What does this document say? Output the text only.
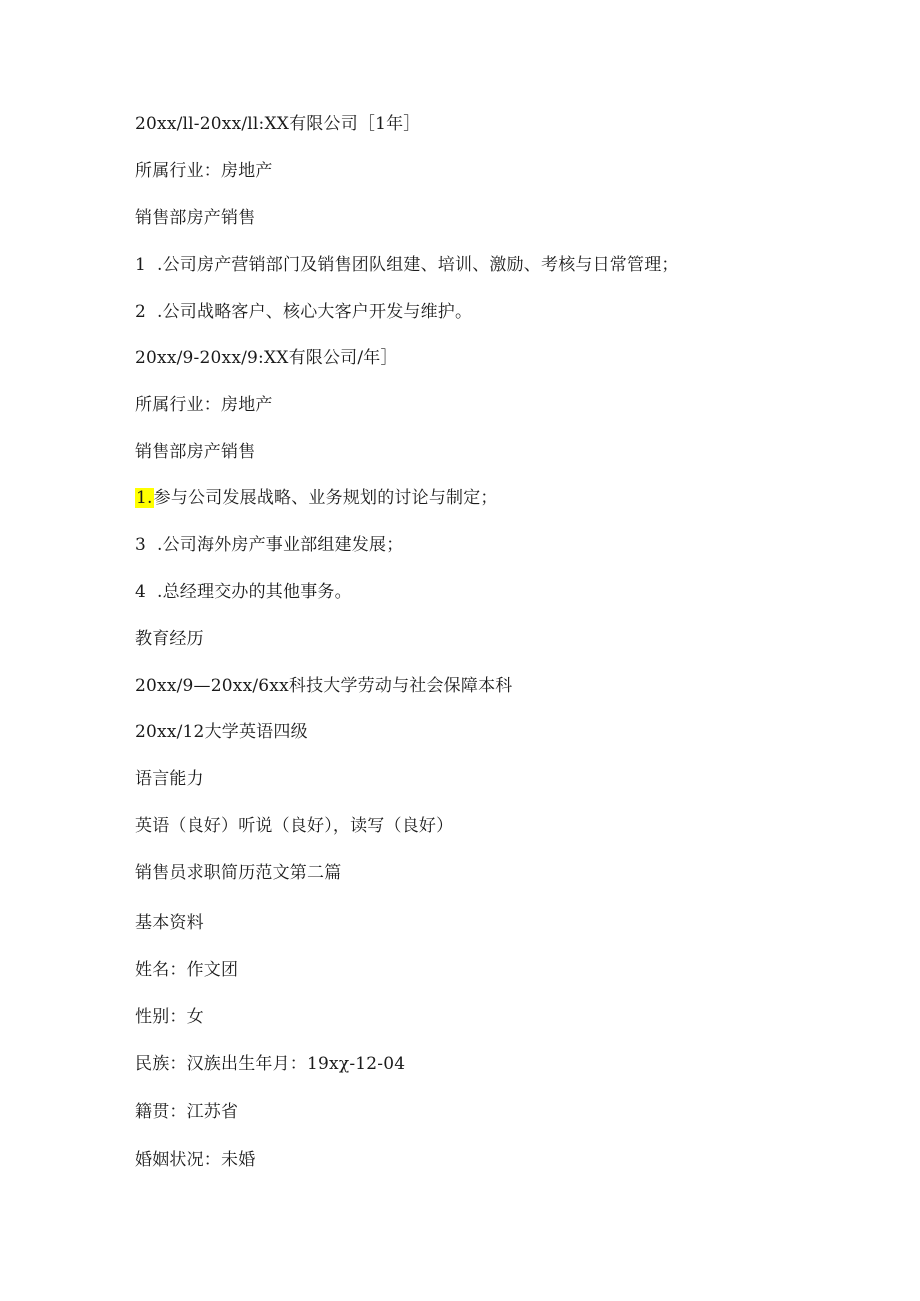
20xx∕ll-20xx∕ll:XX有限公司［1年］
所属行业：房地产
销售部房产销售
1 .公司房产营销部门及销售团队组建、培训、激励、考核与日常管理；
2 .公司战略客户、核心大客户开发与维护。
20xx∕9-20xx∕9:XX有限公司/年］
所属行业：房地产
销售部房产销售
1.参与公司发展战略、业务规划的讨论与制定；
3 .公司海外房产事业部组建发展；
4 .总经理交办的其他事务。
教育经历
20xx∕9—20xx∕6xx科技大学劳动与社会保障本科
20xx∕12大学英语四级
语言能力
英语（良好）听说（良好），读写（良好）
销售员求职简历范文第二篇
基本资料
姓名：作文团
性别：女
民族：汉族出生年月：19xχ-12-04
籍贯：江苏省
婚姻状况：未婚
